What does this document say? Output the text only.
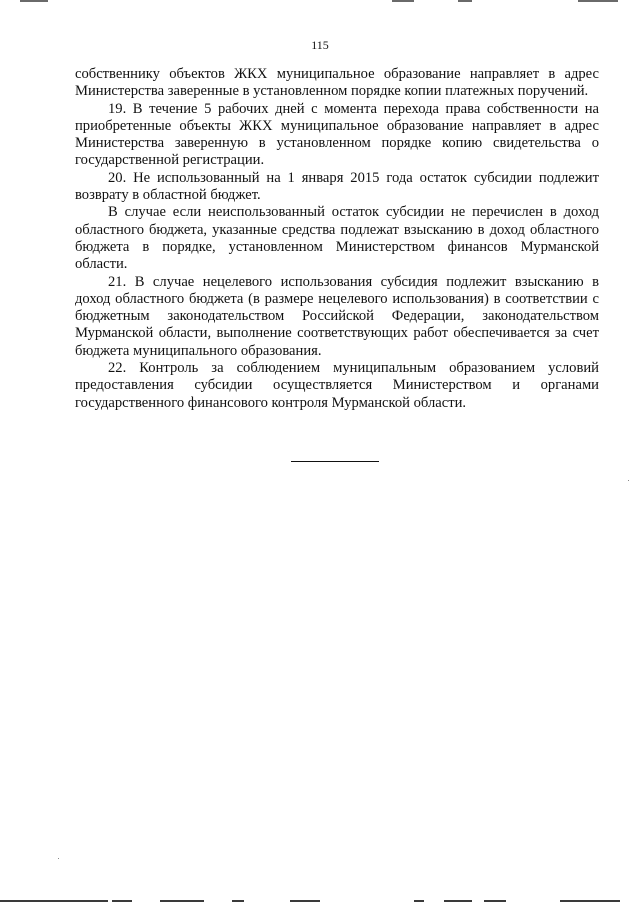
115

собственнику объектов ЖКХ муниципальное образование направляет в адрес Министерства заверенные в установленном порядке копии платежных поручений.

19. В течение 5 рабочих дней с момента перехода права собственности на приобретенные объекты ЖКХ муниципальное образование направляет в адрес Министерства заверенную в установленном порядке копию свидетельства о государственной регистрации.

20. Не использованный на 1 января 2015 года остаток субсидии подлежит возврату в областной бюджет.

В случае если неиспользованный остаток субсидии не перечислен в доход областного бюджета, указанные средства подлежат взысканию в доход областного бюджета в порядке, установленном Министерством финансов Мурманской области.

21. В случае нецелевого использования субсидия подлежит взысканию в доход областного бюджета (в размере нецелевого использования) в соответствии с бюджетным законодательством Российской Федерации, законодательством Мурманской области, выполнение соответствующих работ обеспечивается за счет бюджета муниципального образования.

22. Контроль за соблюдением муниципальным образованием условий предоставления субсидии осуществляется Министерством и органами государственного финансового контроля Мурманской области.
